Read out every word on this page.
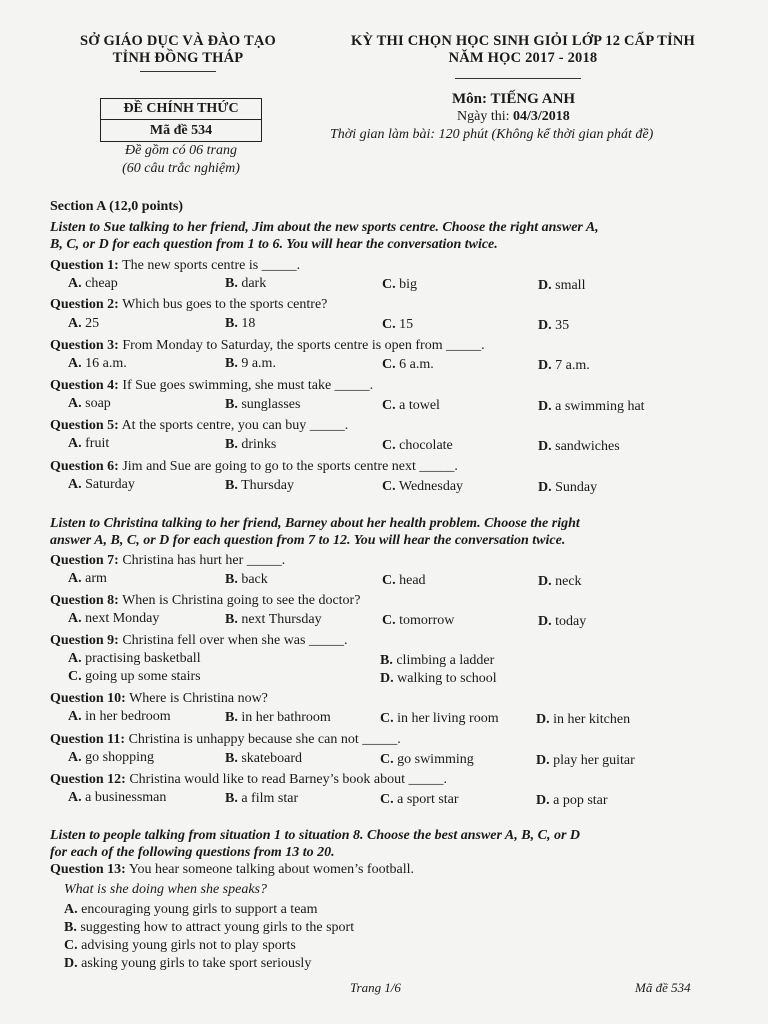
SỞ GIÁO DỤC VÀ ĐÀO TẠO
TỈNH ĐỒNG THÁP
KỲ THI CHỌN HỌC SINH GIỎI LỚP 12 CẤP TỈNH
NĂM HỌC 2017 - 2018
ĐỀ CHÍNH THỨC
Mã đề 534
Đề gồm có 06 trang
(60 câu trắc nghiệm)
Môn: TIẾNG ANH
Ngày thi: 04/3/2018
Thời gian làm bài: 120 phút (Không kể thời gian phát đề)
Section A (12,0 points)
Listen to Sue talking to her friend, Jim about the new sports centre. Choose the right answer A,
B, C, or D for each question from 1 to 6. You will hear the conversation twice.
Question 1: The new sports centre is _____.
A. cheap	B. dark	C. big	D. small
Question 2: Which bus goes to the sports centre?
A. 25	B. 18	C. 15	D. 35
Question 3: From Monday to Saturday, the sports centre is open from _____.
A. 16 a.m.	B. 9 a.m.	C. 6 a.m.	D. 7 a.m.
Question 4: If Sue goes swimming, she must take _____.
A. soap	B. sunglasses	C. a towel	D. a swimming hat
Question 5: At the sports centre, you can buy _____.
A. fruit	B. drinks	C. chocolate	D. sandwiches
Question 6: Jim and Sue are going to go to the sports centre next _____.
A. Saturday	B. Thursday	C. Wednesday	D. Sunday
Listen to Christina talking to her friend, Barney about her health problem. Choose the right
answer A, B, C, or D for each question from 7 to 12. You will hear the conversation twice.
Question 7: Christina has hurt her _____.
A. arm	B. back	C. head	D. neck
Question 8: When is Christina going to see the doctor?
A. next Monday	B. next Thursday	C. tomorrow	D. today
Question 9: Christina fell over when she was _____.
A. practising basketball	B. climbing a ladder
C. going up some stairs	D. walking to school
Question 10: Where is Christina now?
A. in her bedroom	B. in her bathroom	C. in her living room	D. in her kitchen
Question 11: Christina is unhappy because she can not _____.
A. go shopping	B. skateboard	C. go swimming	D. play her guitar
Question 12: Christina would like to read Barney’s book about _____.
A. a businessman	B. a film star	C. a sport star	D. a pop star
Listen to people talking from situation 1 to situation 8. Choose the best answer A, B, C, or D
for each of the following questions from 13 to 20.
Question 13: You hear someone talking about women’s football.
What is she doing when she speaks?
A. encouraging young girls to support a team
B. suggesting how to attract young girls to the sport
C. advising young girls not to play sports
D. asking young girls to take sport seriously
Trang 1/6	Mã đề 534
